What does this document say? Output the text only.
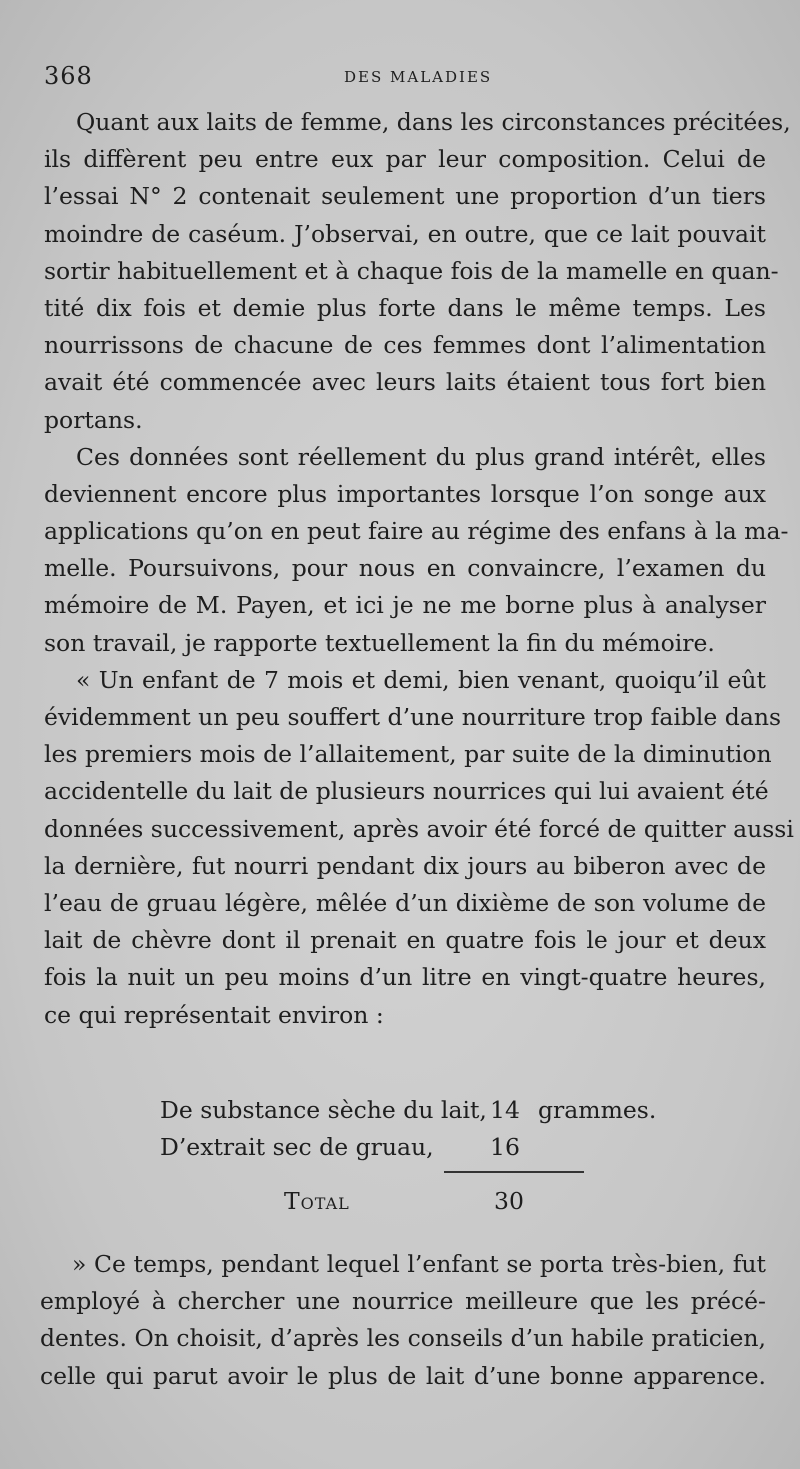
368	DES MALADIES
Quant aux laits de femme, dans les circonstances précitées,
ils diffèrent peu entre eux par leur composition. Celui de
l’essai N° 2 contenait seulement une proportion d’un tiers
moindre de caséum. J’observai, en outre, que ce lait pouvait
sortir habituellement et à chaque fois de la mamelle en quan-
tité dix fois et demie plus forte dans le même temps. Les
nourrissons de chacune de ces femmes dont l’alimentation
avait été commencée avec leurs laits étaient tous fort bien
portans.
Ces données sont réellement du plus grand intérêt, elles
deviennent encore plus importantes lorsque l’on songe aux
applications qu’on en peut faire au régime des enfans à la ma-
melle. Poursuivons, pour nous en convaincre, l’examen du
mémoire de M. Payen, et ici je ne me borne plus à analyser
son travail, je rapporte textuellement la fin du mémoire.
« Un enfant de 7 mois et demi, bien venant, quoiqu’il eût
évidemment un peu souffert d’une nourriture trop faible dans
les premiers mois de l’allaitement, par suite de la diminution
accidentelle du lait de plusieurs nourrices qui lui avaient été
données successivement, après avoir été forcé de quitter aussi
la dernière, fut nourri pendant dix jours au biberon avec de
l’eau de gruau légère, mêlée d’un dixième de son volume de
lait de chèvre dont il prenait en quatre fois le jour et deux
fois la nuit un peu moins d’un litre en vingt-quatre heures,
ce qui représentait environ :
De substance sèche du lait, 14 grammes.
D’extrait sec de gruau, 16
Total	30
» Ce temps, pendant lequel l’enfant se porta très-bien, fut
employé à chercher une nourrice meilleure que les précé-
dentes. On choisit, d’après les conseils d’un habile praticien,
celle qui parut avoir le plus de lait d’une bonne apparence.
